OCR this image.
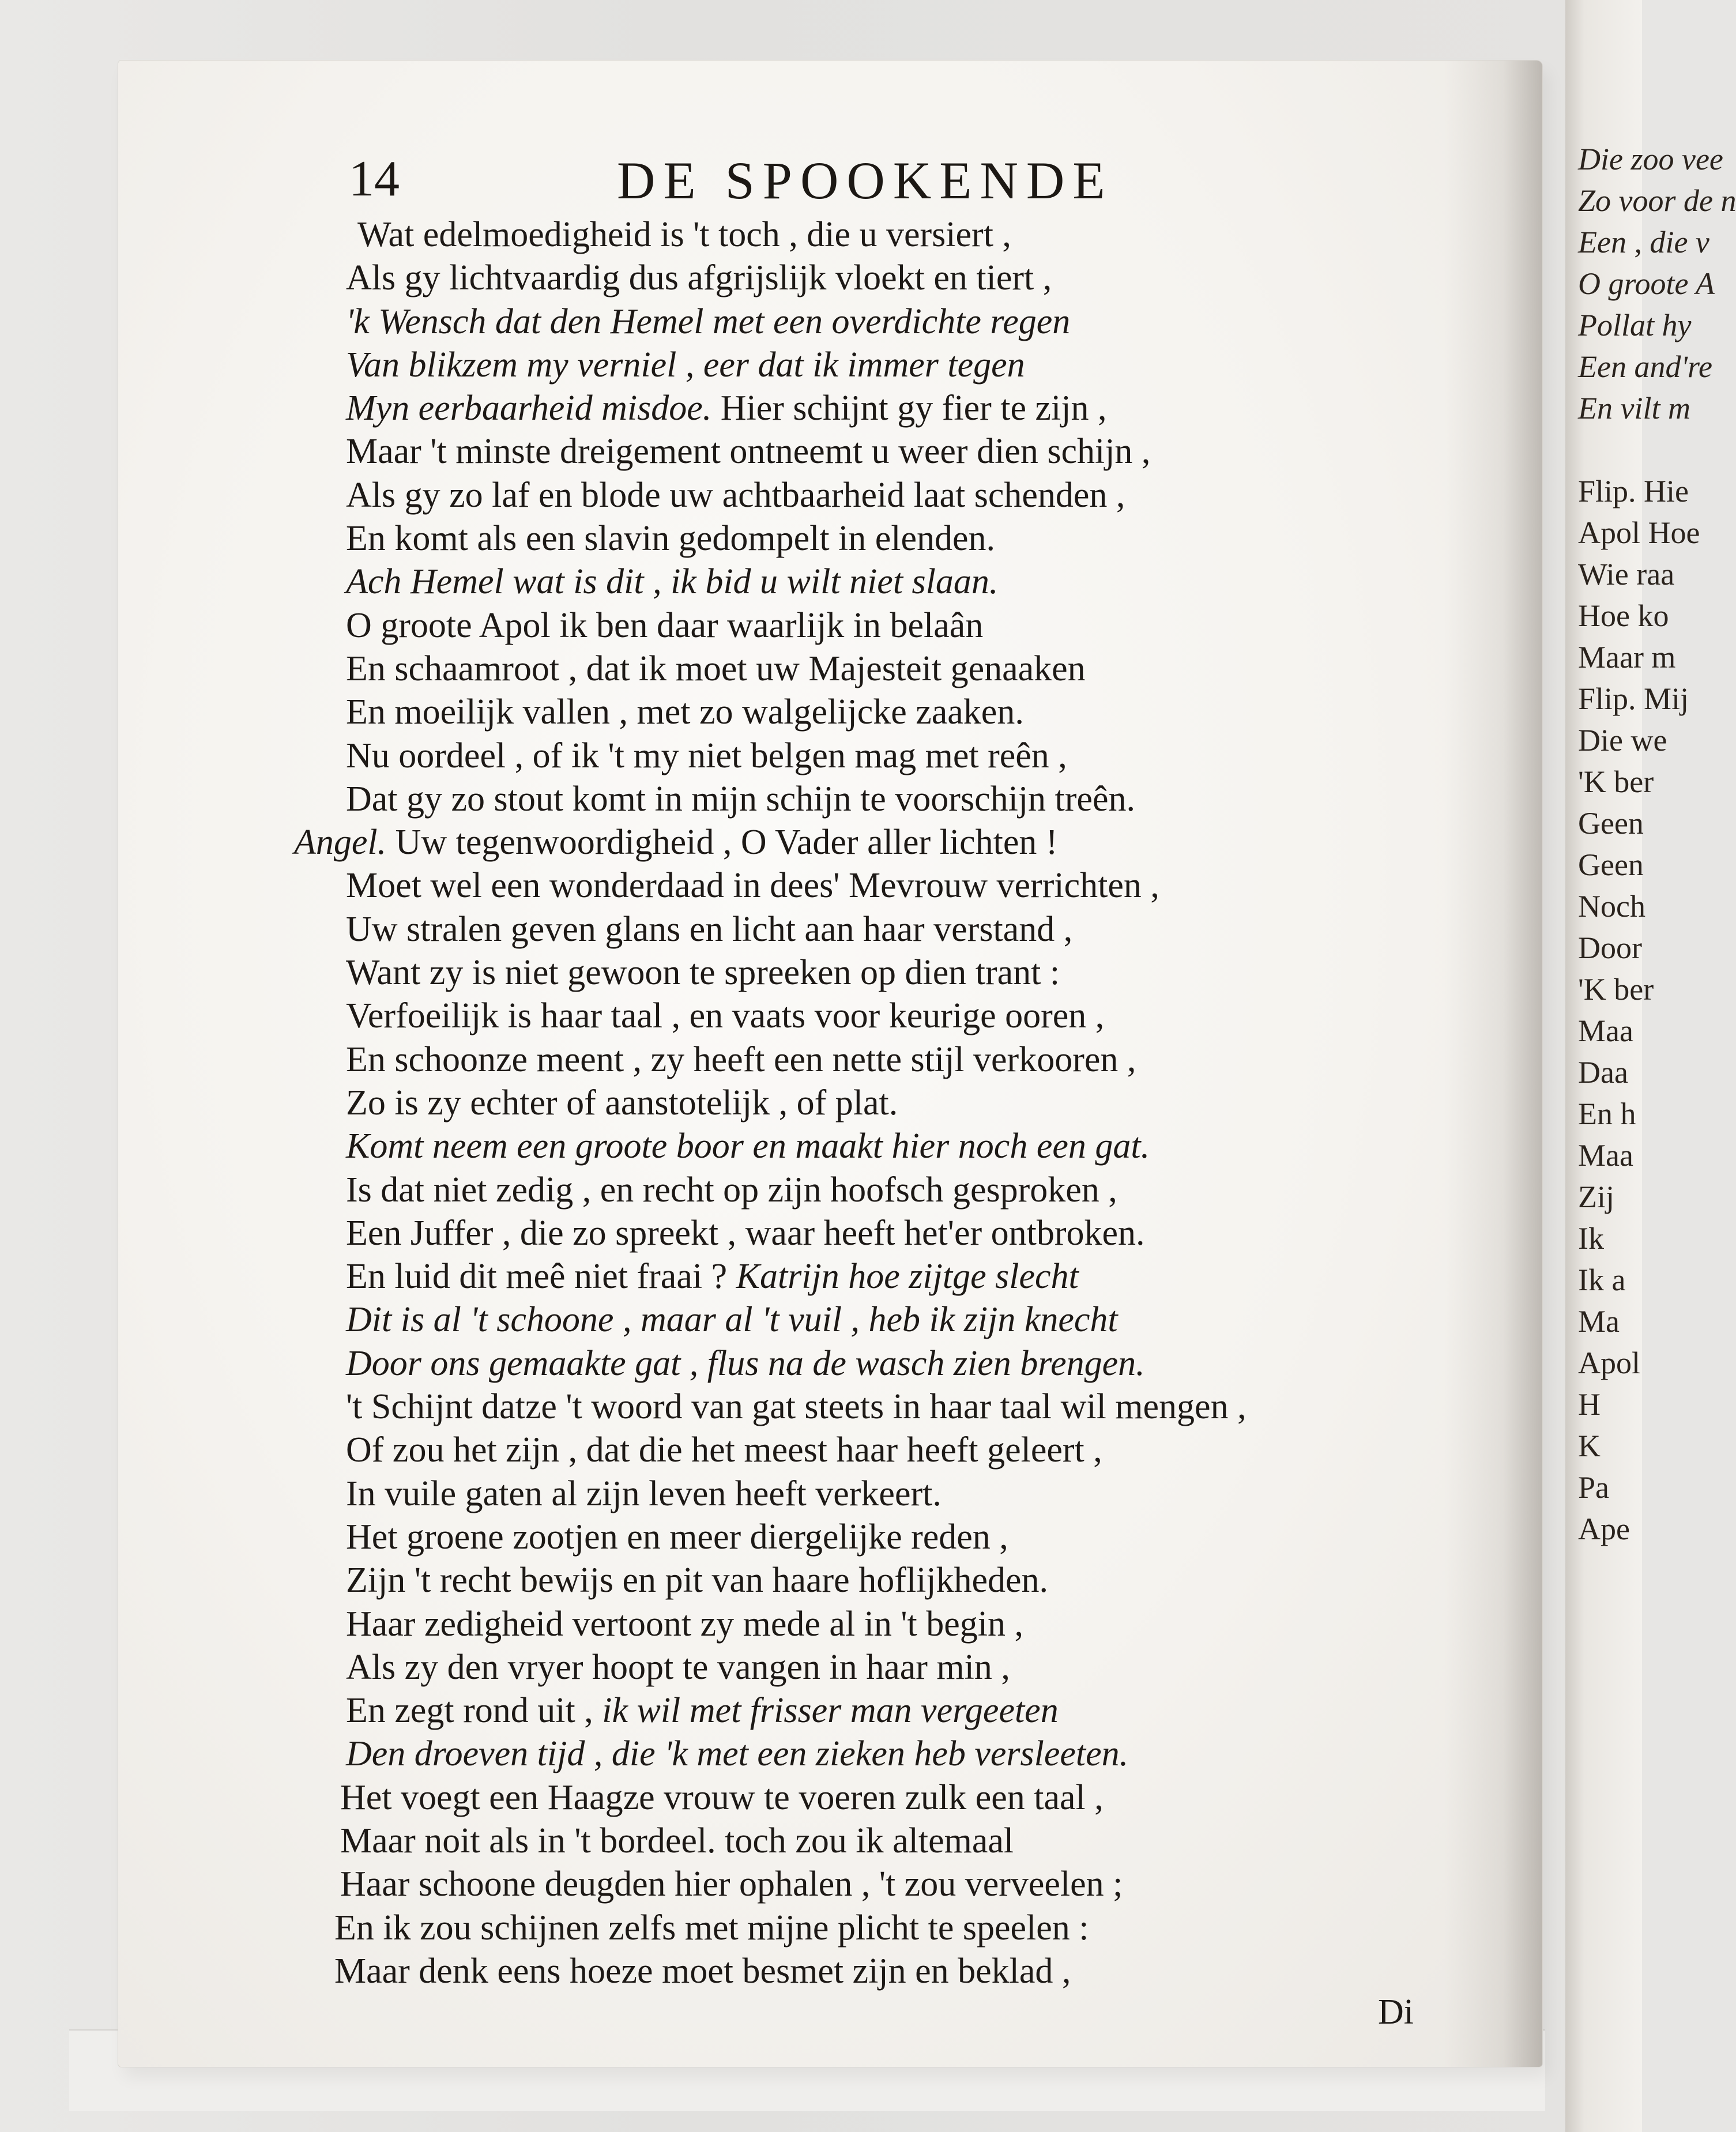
Die zoo vee
Zo voor de n
Een , die v
O groote A
Pollat hy
Een and're
En vilt m
Flip. Hie
Apol Hoe
Wie raa
Hoe ko
Maar m
Flip. Mij
Die we
'K ber
Geen
Geen
Noch
Door
'K ber
Maa
Daa
En h
Maa
Zij
Ik
Ik a
Ma
Apol
H
K
Pa
Ape
14	DE SPOOKENDE
Wat edelmoedigheid is 't toch , die u versiert ,
Als gy lichtvaardig dus afgrijslijk vloekt en tiert ,
'k Wensch dat den Hemel met een overdichte regen
Van blikzem my verniel , eer dat ik immer tegen
Myn eerbaarheid misdoe. Hier schijnt gy fier te zijn ,
Maar 't minste dreigement ontneemt u weer dien schijn ,
Als gy zo laf en blode uw achtbaarheid laat schenden ,
En komt als een slavin gedompelt in elenden.
Ach Hemel wat is dit , ik bid u wilt niet slaan.
O groote Apol ik ben daar waarlijk in belaân
En schaamroot , dat ik moet uw Majesteit genaaken
En moeilijk vallen , met zo walgelijcke zaaken.
Nu oordeel , of ik 't my niet belgen mag met reên ,
Dat gy zo stout komt in mijn schijn te voorschijn treên.
Angel. Uw tegenwoordigheid , O Vader aller lichten !
Moet wel een wonderdaad in dees' Mevrouw verrichten ,
Uw stralen geven glans en licht aan haar verstand ,
Want zy is niet gewoon te spreeken op dien trant :
Verfoeilijk is haar taal , en vaats voor keurige ooren ,
En schoonze meent , zy heeft een nette stijl verkooren ,
Zo is zy echter of aanstotelijk , of plat.
Komt neem een groote boor en maakt hier noch een gat.
Is dat niet zedig , en recht op zijn hoofsch gesproken ,
Een Juffer , die zo spreekt , waar heeft het'er ontbroken.
En luid dit meê niet fraai ? Katrijn hoe zijtge slecht
Dit is al 't schoone , maar al 't vuil , heb ik zijn knecht
Door ons gemaakte gat , flus na de wasch zien brengen.
't Schijnt datze 't woord van gat steets in haar taal wil mengen ,
Of zou het zijn , dat die het meest haar heeft geleert ,
In vuile gaten al zijn leven heeft verkeert.
Het groene zootjen en meer diergelijke reden ,
Zijn 't recht bewijs en pit van haare hoflijkheden.
Haar zedigheid vertoont zy mede al in 't begin ,
Als zy den vryer hoopt te vangen in haar min ,
En zegt rond uit , ik wil met frisser man vergeeten
Den droeven tijd , die 'k met een zieken heb versleeten.
Het voegt een Haagze vrouw te voeren zulk een taal ,
Maar noit als in 't bordeel. toch zou ik altemaal
Haar schoone deugden hier ophalen , 't zou verveelen ;
En ik zou schijnen zelfs met mijne plicht te speelen :
Maar denk eens hoeze moet besmet zijn en beklad ,
Di
